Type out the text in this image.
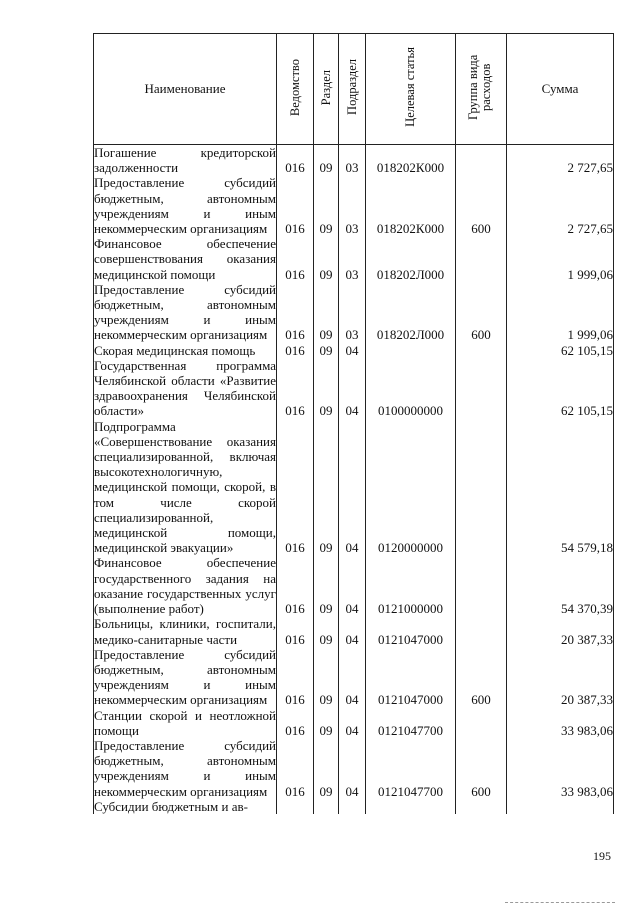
Наименование	Ведомство	Раздел	Подраздел	Целевая статья	Группа вида расходов	Сумма
Погашение кредиторской задолженности	016	09	03	018202К000		2 727,65
Предоставление субсидий бюджетным, автономным учреждениям и иным некоммерческим организациям	016	09	03	018202К000	600	2 727,65
Финансовое обеспечение совершенствования оказания медицинской помощи	016	09	03	018202Л000		1 999,06
Предоставление субсидий бюджетным, автономным учреждениям и иным некоммерческим организациям	016	09	03	018202Л000	600	1 999,06
Скорая медицинская помощь	016	09	04			62 105,15
Государственная программа Челябинской области «Развитие здравоохранения Челябинской области»	016	09	04	0100000000		62 105,15
Подпрограмма «Совершенствование оказания специализированной, включая высокотехнологичную, медицинской помощи, скорой, в том числе скорой специализированной, медицинской помощи, медицинской эвакуации»	016	09	04	0120000000		54 579,18
Финансовое обеспечение государственного задания на оказание государственных услуг (выполнение работ)	016	09	04	0121000000		54 370,39
Больницы, клиники, госпитали, медико-санитарные части	016	09	04	0121047000		20 387,33
Предоставление субсидий бюджетным, автономным учреждениям и иным некоммерческим организациям	016	09	04	0121047000	600	20 387,33
Станции скорой и неотложной помощи	016	09	04	0121047700		33 983,06
Предоставление субсидий бюджетным, автономным учреждениям и иным некоммерческим организациям	016	09	04	0121047700	600	33 983,06
Субсидии бюджетным и ав-						
195
